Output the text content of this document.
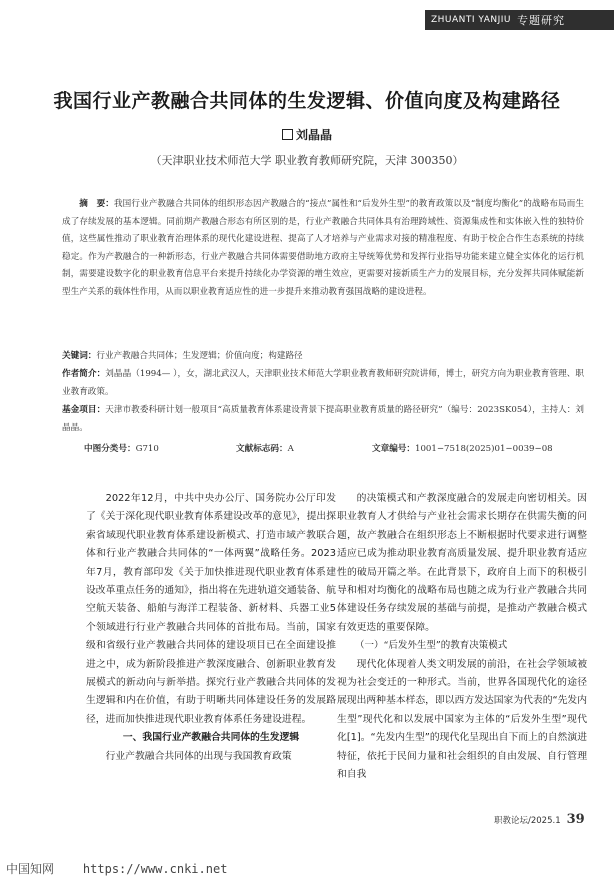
ZHUANTI YANJIU 专题研究
我国行业产教融合共同体的生发逻辑、价值向度及构建路径
刘晶晶
（天津职业技术师范大学 职业教育教师研究院，天津 300350）
摘　要：我国行业产教融合共同体的组织形态因产教融合的“接点”属性和“后发外生型”的教育政策以及“制度均衡化”的战略布局而生成了存续发展的基本逻辑。同前期产教融合形态有所区别的是，行业产教融合共同体具有治理跨域性、资源集成性和实体嵌入性的独特价值，这些属性推动了职业教育治理体系的现代化建设进程、提高了人才培养与产业需求对接的精准程度、有助于校企合作生态系统的持续稳定。作为产教融合的一种新形态，行业产教融合共同体需要借助地方政府主导统筹优势和发挥行业指导功能来建立健全实体化的运行机制，需要建设数字化的职业教育信息平台来提升持续化办学资源的增生效应，更需要对接新质生产力的发展目标，充分发挥共同体赋能新型生产关系的载体性作用，从而以职业教育适应性的进一步提升来推动教育强国战略的建设进程。
关键词：行业产教融合共同体；生发逻辑；价值向度；构建路径
作者简介：刘晶晶（1994— ），女，湖北武汉人，天津职业技术师范大学职业教育教师研究院讲师，博士，研究方向为职业教育管理、职业教育政策。
基金项目：天津市教委科研计划一般项目“高质量教育体系建设背景下提高职业教育质量的路径研究”（编号：2023SK054），主持人：刘晶晶。
中图分类号：G710	文献标志码：A	文章编号：1001−7518(2025)01−0039−08

2022年12月，中共中央办公厅、国务院办公厅印发了《关于深化现代职业教育体系建设改革的意见》，提出探索省域现代职业教育体系建设新模式、打造市域产教联合体和行业产教融合共同体的“一体两翼”战略任务。2023年7月，教育部印发《关于加快推进现代职业教育体系建设改革重点任务的通知》，指出将在先进轨道交通装备、航空航天装备、船舶与海洋工程装备、新材料、兵器工业5个领域进行行业产教融合共同体的首批布局。当前，国家级和省级行业产教融合共同体的建设项目已在全面建设推进之中，成为新阶段推进产教深度融合、创新职业教育发展模式的新动向与新举措。探究行业产教融合共同体的发生逻辑和内在价值，有助于明晰共同体建设任务的发展路径，进而加快推进现代职业教育体系任务建设进程。

一、我国行业产教融合共同体的生发逻辑

行业产教融合共同体的出现与我国教育政策

的决策模式和产教深度融合的发展走向密切相关。因职业教育人才供给与产业社会需求长期存在供需失衡的问题，故产教融合在组织形态上不断根据时代要求进行调整适应已成为推动职业教育高质量发展、提升职业教育适应性的破局开篇之举。在此背景下，政府自上而下的积极引导和相对均衡化的战略布局也随之成为行业产教融合共同体建设任务存续发展的基础与前提，是推动产教融合模式有效更迭的重要保障。

（一）“后发外生型”的教育决策模式

现代化体现着人类文明发展的前沿，在社会学领域被视为社会变迁的一种形式。当前，世界各国现代化的途径展现出两种基本样态，即以西方发达国家为代表的“先发内生型”现代化和以发展中国家为主体的“后发外生型”现代化[1]。“先发内生型”的现代化呈现出自下而上的自然演进特征，依托于民间力量和社会组织的自由发展、自行管理和自我

职教论坛/2025.1 39
中国知网 https://www.cnki.net
